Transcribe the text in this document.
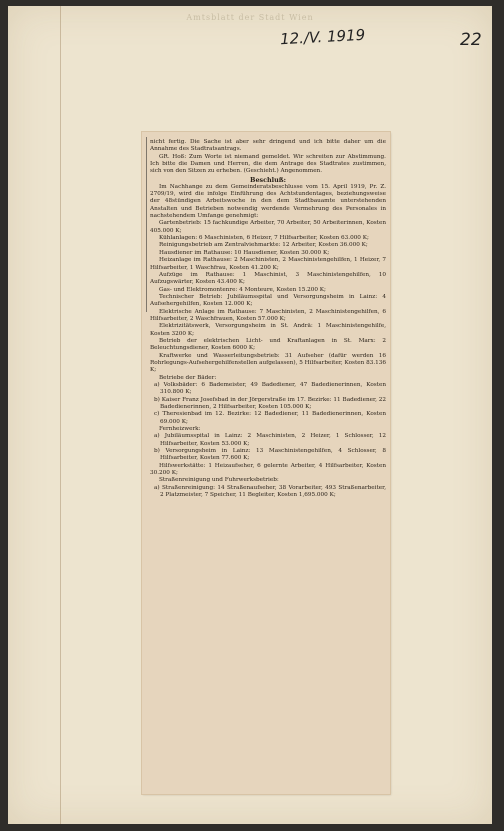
Amtsblatt der Stadt Wien
12./V. 1919	22

nicht fertig. Die Sache ist aber sehr dringend und ich bitte daher um die Annahme des Stadtratsantrags.

GR. Hoß: Zum Worte ist niemand gemeldet. Wir schreiten zur Abstimmung. Ich bitte die Damen und Herren, die dem Antrage des Stadtrates zustimmen, sich von den Sitzen zu erheben. (Geschieht.) Angenommen.

Beschluß:

Im Nachhange zu dem Gemeinderatsbeschlusse vom 15. April 1919, Pr. Z. 2709/19, wird die infolge Einführung des Achtstundentages, beziehungsweise der 48stündigen Arbeitswoche in den dem Stadtbauamte unterstehenden Anstalten und Betrieben notwendig werdende Vermehrung des Personales in nachstehendem Umfange genehmigt:

Gartenbetrieb: 15 fachkundige Arbeiter, 70 Arbeiter, 50 Arbeiterinnen, Kosten 405.000 K;

Kühlanlagen: 6 Maschinisten, 6 Heizer, 7 Hilfsarbeiter, Kosten 63.000 K;

Reinigungsbetrieb am Zentralviehmarkte: 12 Arbeiter, Kosten 36.000 K;

Hausdiener im Rathause: 10 Hausdiener, Kosten 30.000 K;

Heizanlage im Rathause: 2 Maschinisten, 2 Maschinistengehilfen, 1 Heizer, 7 Hilfsarbeiter, 1 Waschfrau, Kosten 41.200 K;

Aufzüge im Rathause: 1 Maschinist, 3 Maschinistengehilfen, 10 Aufzugswärter, Kosten 43.400 K;

Gas- und Elektromontenre: 4 Monteure, Kosten 15.200 K;

Technischer Betrieb: Jubiläumsspital und Versorgungsheim in Lainz: 4 Aufsehergehilfen, Kosten 12.000 K;

Elektrische Anlage im Rathause: 7 Maschinisten, 2 Maschinistengehilfen, 6 Hilfsarbeiter, 2 Waschfrauen, Kosten 57.000 K;

Elektrizitätswerk, Versorgungsheim in St. Andrä: 1 Maschinistengehilfe, Kosten 3200 K;

Betrieb der elektrischen Licht- und Kraftanlagen in St. Marx: 2 Beleuchtungsdiener, Kosten 6000 K;

Kraftwerke und Wasserleitungsbetrieb: 31 Aufseher (dafür werden 16 Rohrlegungs-Aufsehergehilfenstellen aufgelassen), 5 Hilfsarbeiter, Kosten 83.136 K;

Betriebe der Bäder:

a) Volksbäder: 6 Bademeister, 49 Badediener, 47 Badedienerinnen, Kosten 310.800 K;

b) Kaiser Franz Josefsbad in der Jörgerstraße im 17. Bezirke: 11 Badediener, 22 Badedienerinnen, 2 Hilfsarbeiter, Kosten 105.000 K;

c) Theresienbad im 12. Bezirke: 12 Badediener, 11 Badedienerinnen, Kosten 69.000 K;

Fernheizwerk:

a) Jubiläumsspital in Lainz: 2 Maschinisten, 2 Heizer, 1 Schlosser, 12 Hilfsarbeiter, Kosten 53.000 K;

b) Versorgungsheim in Lainz: 13 Maschinistengehilfen, 4 Schlosser, 8 Hilfsarbeiter, Kosten 77.600 K;

Hilfswerkstätte: 1 Heizaufseher, 6 gelernte Arbeiter, 4 Hilfsarbeiter, Kosten 30.200 K;

Straßenreinigung und Fuhrwerksbetrieb:

a) Straßenreinigung: 14 Straßenaufseher, 38 Vorarbeiter, 493 Straßenarbeiter, 2 Platzmeister, 7 Speicher, 11 Begleiter, Kosten 1,695.000 K;
